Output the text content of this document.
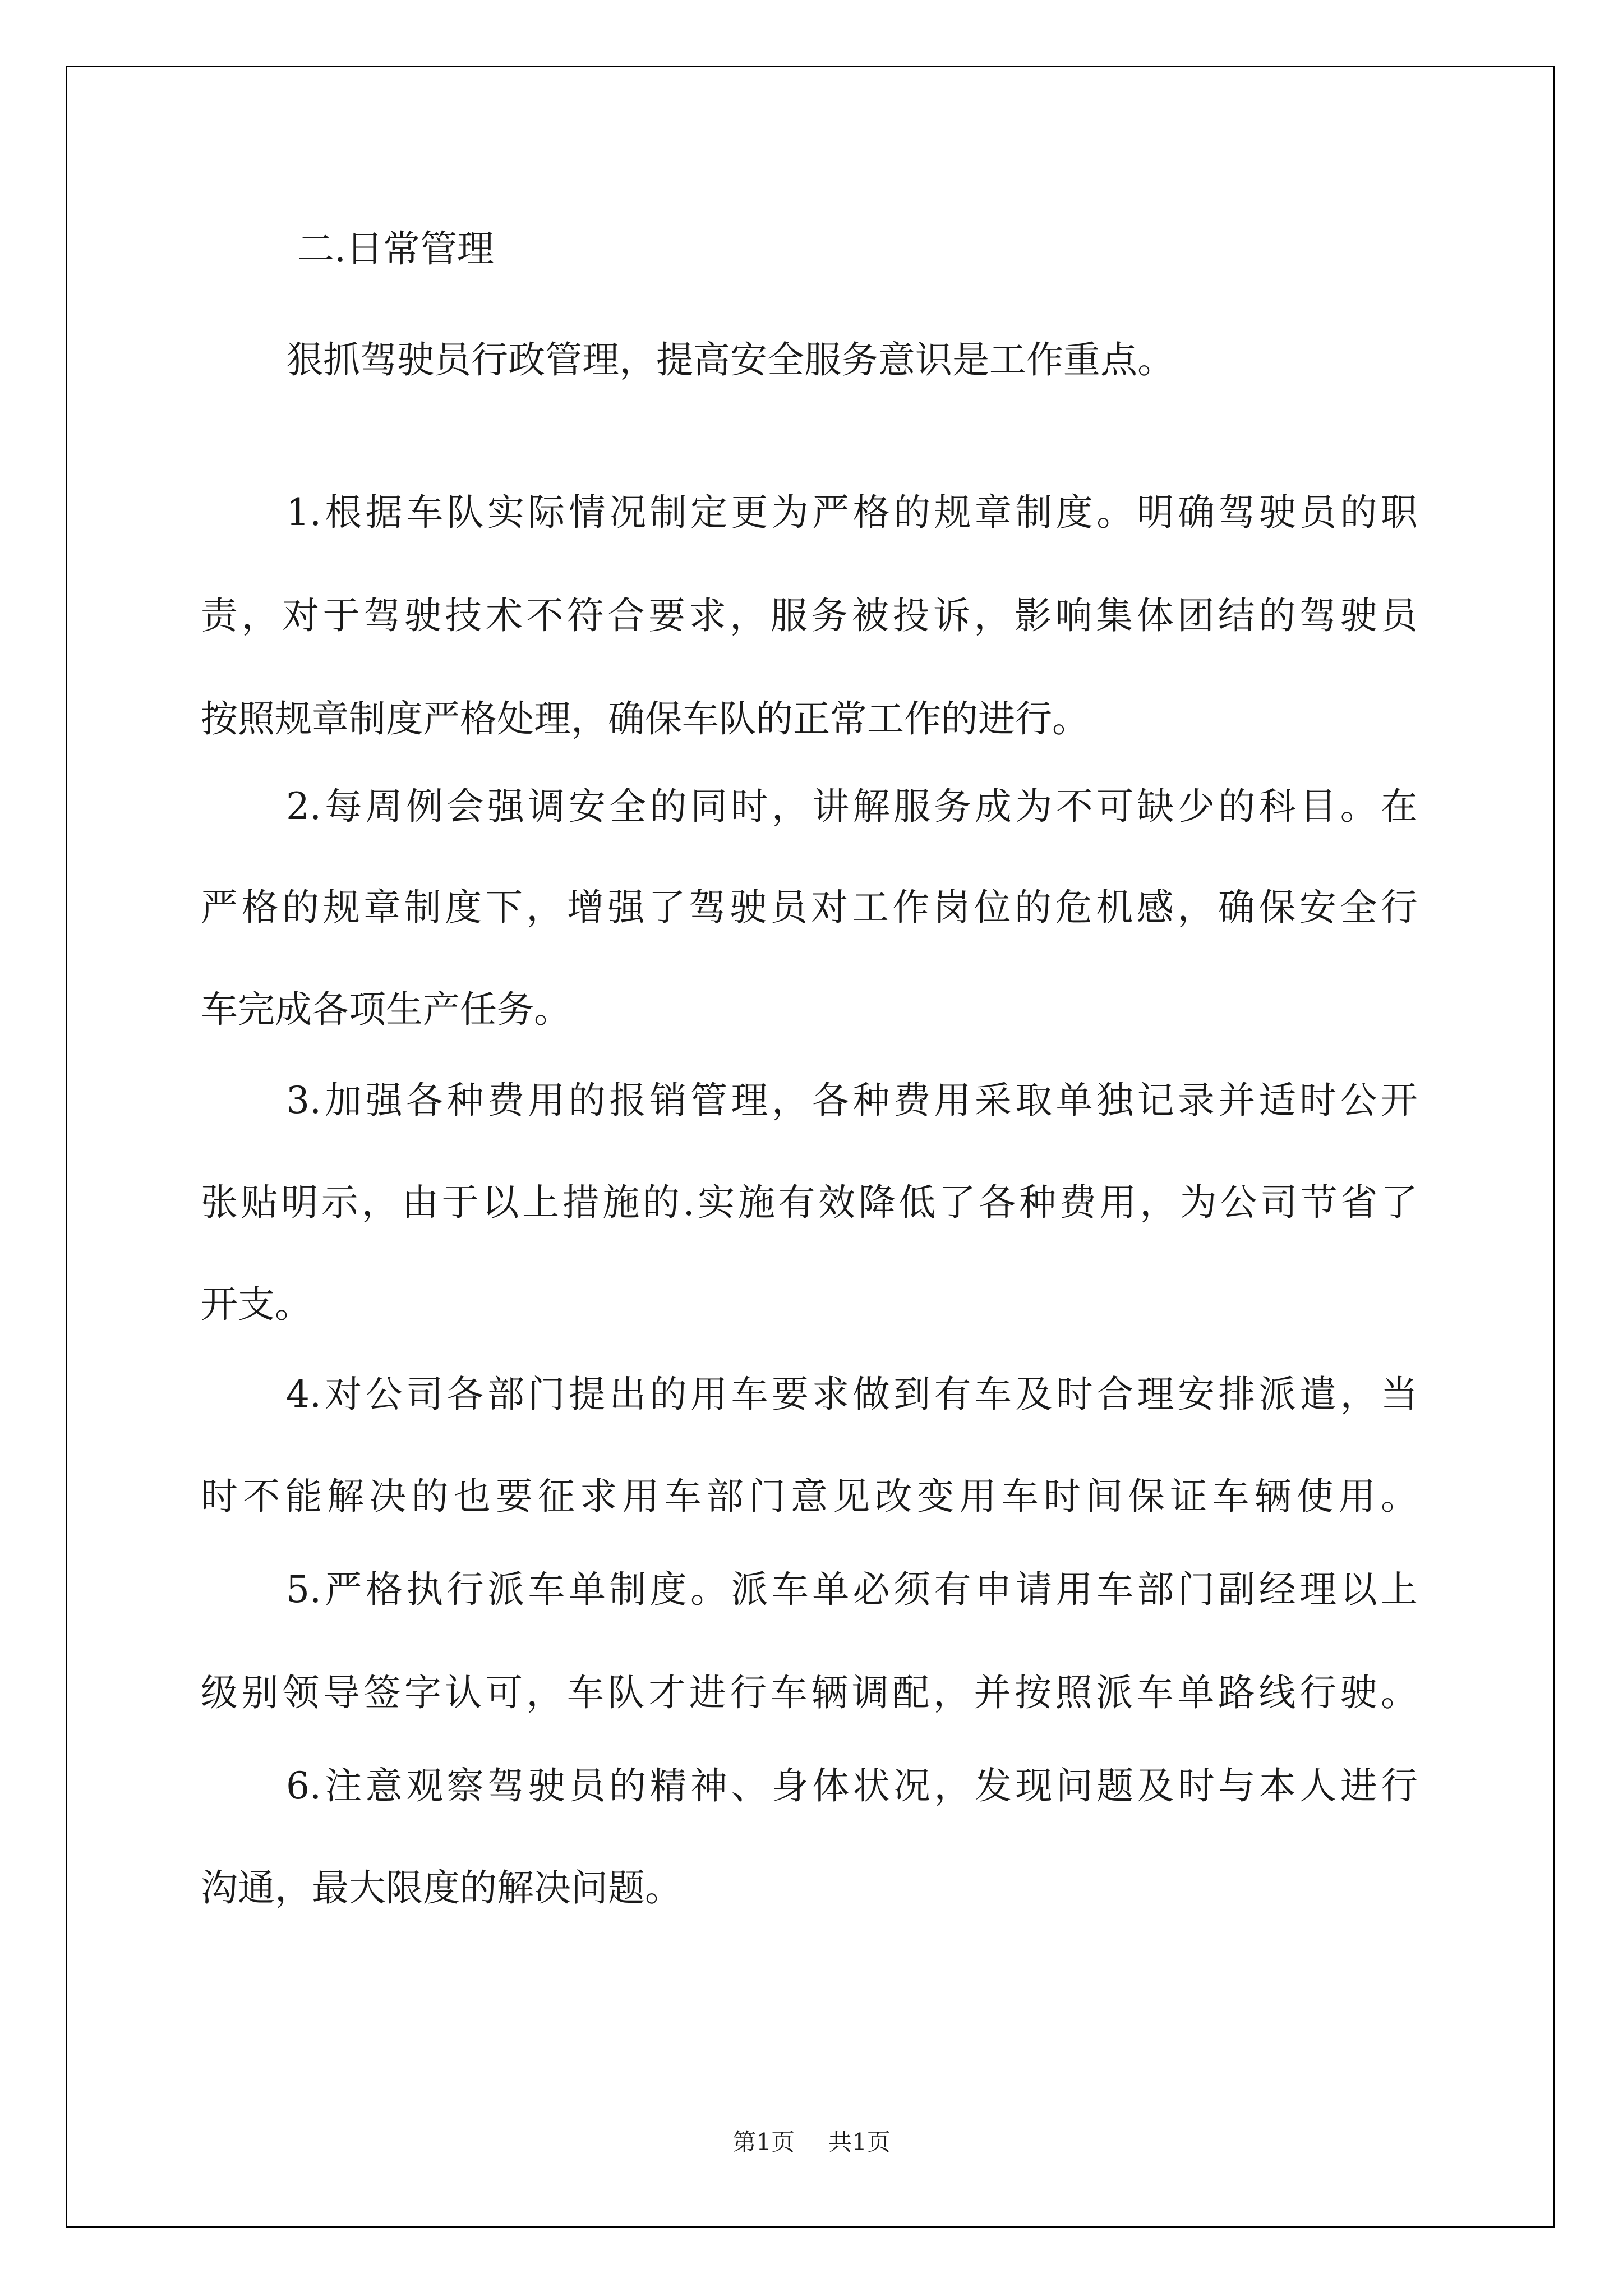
二.日常管理
狠抓驾驶员行政管理，提高安全服务意识是工作重点。
1.根据车队实际情况制定更为严格的规章制度。明确驾驶员的职
责，对于驾驶技术不符合要求，服务被投诉，影响集体团结的驾驶员
按照规章制度严格处理，确保车队的正常工作的进行。
2.每周例会强调安全的同时，讲解服务成为不可缺少的科目。在
严格的规章制度下，增强了驾驶员对工作岗位的危机感，确保安全行
车完成各项生产任务。
3.加强各种费用的报销管理，各种费用采取单独记录并适时公开
张贴明示，由于以上措施的.实施有效降低了各种费用，为公司节省了
开支。
4.对公司各部门提出的用车要求做到有车及时合理安排派遣，当
时不能解决的也要征求用车部门意见改变用车时间保证车辆使用。
5.严格执行派车单制度。派车单必须有申请用车部门副经理以上
级别领导签字认可，车队才进行车辆调配，并按照派车单路线行驶。
6.注意观察驾驶员的精神、身体状况，发现问题及时与本人进行
沟通，最大限度的解决问题。
第1页 共1页
